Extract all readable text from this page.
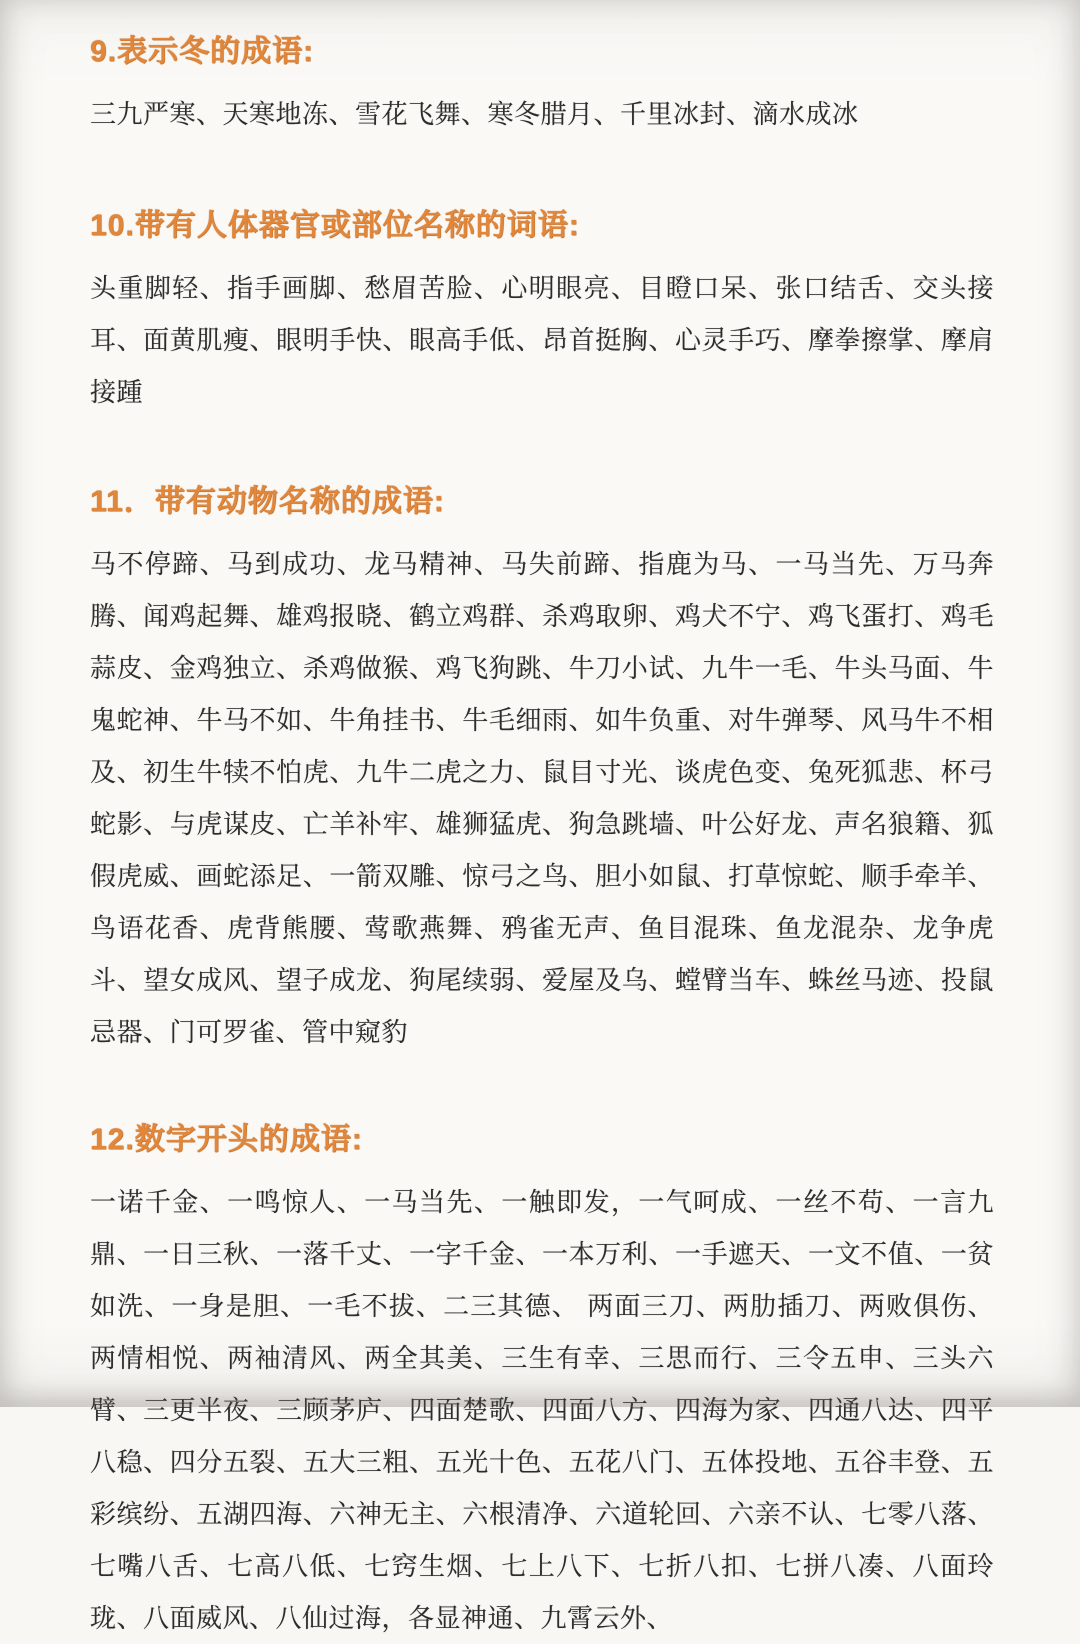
9.表示冬的成语:

三九严寒、天寒地冻、雪花飞舞、寒冬腊月、千里冰封、滴水成冰

10.带有人体器官或部位名称的词语:

头重脚轻、指手画脚、愁眉苦脸、心明眼亮、目瞪口呆、张口结舌、交头接耳、面黄肌瘦、眼明手快、眼高手低、昂首挺胸、心灵手巧、摩拳擦掌、摩肩接踵

11．带有动物名称的成语:

马不停蹄、马到成功、龙马精神、马失前蹄、指鹿为马、一马当先、万马奔腾、闻鸡起舞、雄鸡报晓、鹤立鸡群、杀鸡取卵、鸡犬不宁、鸡飞蛋打、鸡毛蒜皮、金鸡独立、杀鸡做猴、鸡飞狗跳、牛刀小试、九牛一毛、牛头马面、牛鬼蛇神、牛马不如、牛角挂书、牛毛细雨、如牛负重、对牛弹琴、风马牛不相及、初生牛犊不怕虎、九牛二虎之力、鼠目寸光、谈虎色变、兔死狐悲、杯弓蛇影、与虎谋皮、亡羊补牢、雄狮猛虎、狗急跳墙、叶公好龙、声名狼籍、狐假虎威、画蛇添足、一箭双雕、惊弓之鸟、胆小如鼠、打草惊蛇、顺手牵羊、鸟语花香、虎背熊腰、莺歌燕舞、鸦雀无声、鱼目混珠、鱼龙混杂、龙争虎斗、望女成风、望子成龙、狗尾续弱、爱屋及乌、螳臂当车、蛛丝马迹、投鼠忌器、门可罗雀、管中窥豹

12.数字开头的成语:

一诺千金、一鸣惊人、一马当先、一触即发，一气呵成、一丝不苟、一言九鼎、一日三秋、一落千丈、一字千金、一本万利、一手遮天、一文不值、一贫如洗、一身是胆、一毛不拔、二三其德、 两面三刀、两肋插刀、两败俱伤、两情相悦、两袖清风、两全其美、三生有幸、三思而行、三令五申、三头六臂、三更半夜、三顾茅庐、四面楚歌、四面八方、四海为家、四通八达、四平八稳、四分五裂、五大三粗、五光十色、五花八门、五体投地、五谷丰登、五彩缤纷、五湖四海、六神无主、六根清净、六道轮回、六亲不认、七零八落、七嘴八舌、七高八低、七窍生烟、七上八下、七折八扣、七拼八凑、八面玲珑、八面威风、八仙过海，各显神通、九霄云外、
